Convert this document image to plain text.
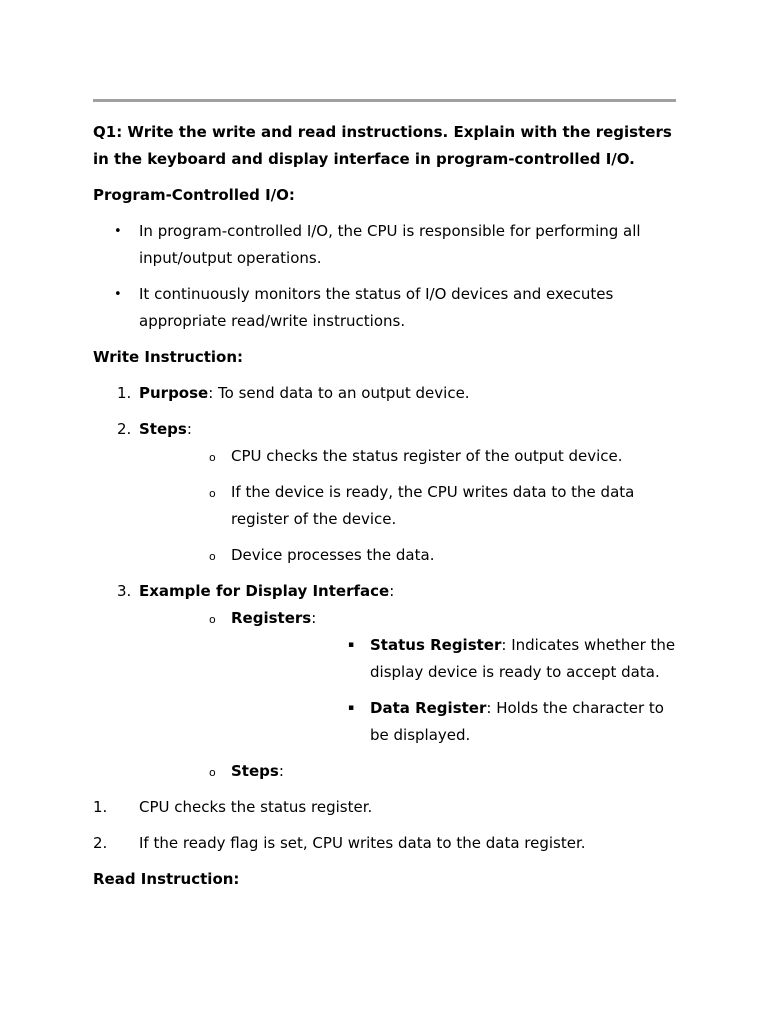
Q1: Write the write and read instructions. Explain with the registers in the keyboard and display interface in program-controlled I/O.

Program-Controlled I/O:

• In program-controlled I/O, the CPU is responsible for performing all input/output operations.
• It continuously monitors the status of I/O devices and executes appropriate read/write instructions.

Write Instruction:

1. Purpose: To send data to an output device.
2. Steps:
o CPU checks the status register of the output device.
o If the device is ready, the CPU writes data to the data register of the device.
o Device processes the data.
3. Example for Display Interface:
o Registers:
▪ Status Register: Indicates whether the display device is ready to accept data.
▪ Data Register: Holds the character to be displayed.
o Steps:
1. CPU checks the status register.
2. If the ready flag is set, CPU writes data to the data register.

Read Instruction:
